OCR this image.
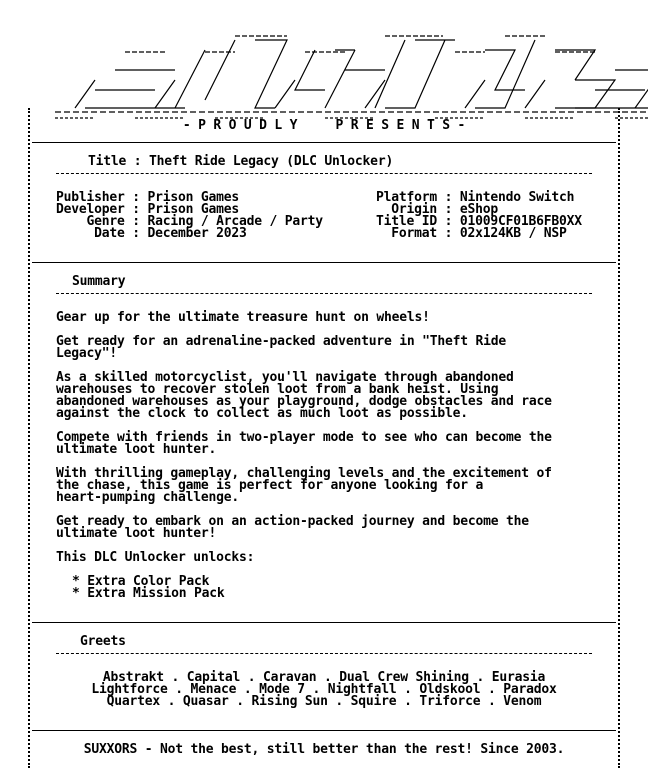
- P R O U D L Y     P R E S E N T S -

Title : Theft Ride Legacy (DLC Unlocker)

Publisher : Prison Games

Developer : Prison Games

Genre : Racing / Arcade / Party

Date : December 2023

Platform : Nintendo Switch

Origin : eShop

Title ID : 01009CF01B6FB0XX

Format : 02x124KB / NSP

Summary

Gear up for the ultimate treasure hunt on wheels!

Get ready for an adrenaline-packed adventure in "Theft Ride
Legacy"!

As a skilled motorcyclist, you'll navigate through abandoned
warehouses to recover stolen loot from a bank heist. Using
abandoned warehouses as your playground, dodge obstacles and race
against the clock to collect as much loot as possible.

Compete with friends in two-player mode to see who can become the
ultimate loot hunter.

With thrilling gameplay, challenging levels and the excitement of
the chase, this game is perfect for anyone looking for a
heart-pumping challenge.

Get ready to embark on an action-packed journey and become the
ultimate loot hunter!

This DLC Unlocker unlocks:

* Extra Color Pack

* Extra Mission Pack

Greets

Abstrakt . Capital . Caravan . Dual Crew Shining . Eurasia

Lightforce . Menace . Mode 7 . Nightfall . Oldskool . Paradox

Quartex . Quasar . Rising Sun . Squire . Triforce . Venom

SUXXORS - Not the best, still better than the rest! Since 2003.
